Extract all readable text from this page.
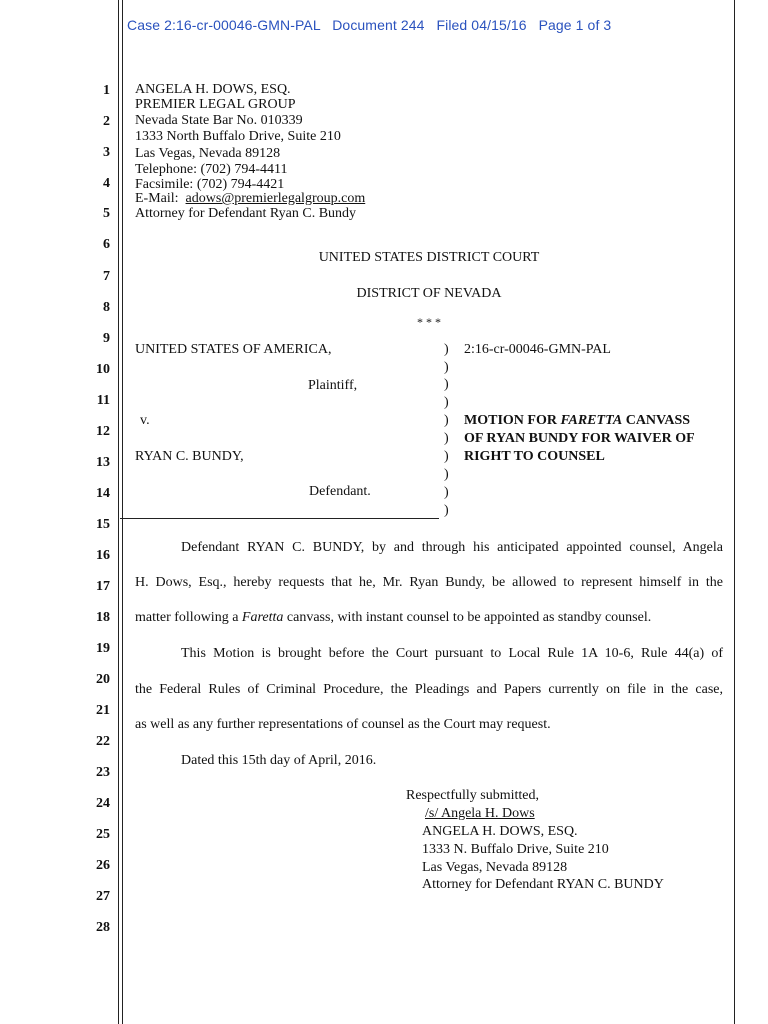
Case 2:16-cr-00046-GMN-PAL Document 244 Filed 04/15/16 Page 1 of 3
1
2
3
4
5
6
7
8
9
10
11
12
13
14
15
16
17
18
19
20
21
22
23
24
25
26
27
28
ANGELA H. DOWS, ESQ.
PREMIER LEGAL GROUP
Nevada State Bar No. 010339
1333 North Buffalo Drive, Suite 210
Las Vegas, Nevada 89128
Telephone: (702) 794-4411
Facsimile: (702) 794-4421
E-Mail:  adows@premierlegalgroup.com
Attorney for Defendant Ryan C. Bundy
UNITED STATES DISTRICT COURT
DISTRICT OF NEVADA
* * *
UNITED STATES OF AMERICA,
Plaintiff,
v.
RYAN C. BUNDY,
Defendant.
)
)
)
)
)
)
)
)
)
)
2:16-cr-00046-GMN-PAL
MOTION FOR FARETTA CANVASS
OF RYAN BUNDY FOR WAIVER OF
RIGHT TO COUNSEL
Defendant RYAN C. BUNDY, by and through his anticipated appointed counsel, Angela
H. Dows, Esq., hereby requests that he, Mr. Ryan Bundy, be allowed to represent himself in the
matter following a Faretta canvass, with instant counsel to be appointed as standby counsel.
This Motion is brought before the Court pursuant to Local Rule 1A 10-6, Rule 44(a) of
the Federal Rules of Criminal Procedure, the Pleadings and Papers currently on file in the case,
as well as any further representations of counsel as the Court may request.
Dated this 15th day of April, 2016.
Respectfully submitted,
/s/ Angela H. Dows
ANGELA H. DOWS, ESQ.
1333 N. Buffalo Drive, Suite 210
Las Vegas, Nevada 89128
Attorney for Defendant RYAN C. BUNDY
